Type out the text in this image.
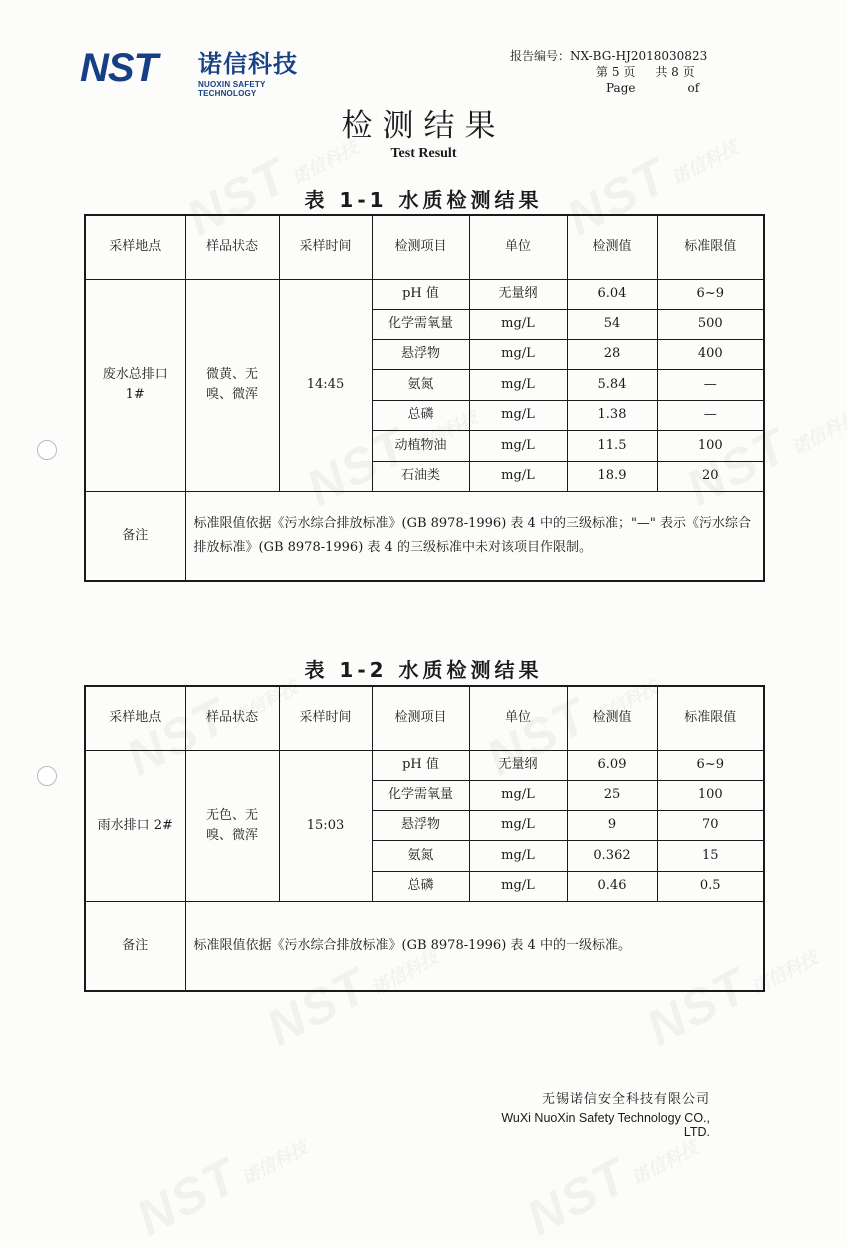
NST 诺信科技
NUOXIN SAFETY TECHNOLOGY
报告编号：NX-BG-HJ2018030823
第 5 页 共 8 页
Page	of
检测结果
Test Result
表 1-1 水质检测结果
采样地点	样品状态	采样时间	检测项目	单位	检测值	标准限值
废水总排口1#	微黄、无嗅、微浑	14:45	pH 值	无量纲	6.04	6~9
			化学需氧量	mg/L	54	500
			悬浮物	mg/L	28	400
			氨氮	mg/L	5.84	—
			总磷	mg/L	1.38	—
			动植物油	mg/L	11.5	100
			石油类	mg/L	18.9	20
备注	标准限值依据《污水综合排放标准》(GB 8978-1996) 表 4 中的三级标准；"—" 表示《污水综合排放标准》(GB 8978-1996) 表 4 的三级标准中未对该项目作限制。					
表 1-2 水质检测结果
采样地点	样品状态	采样时间	检测项目	单位	检测值	标准限值
雨水排口 2#	无色、无嗅、微浑	15:03	pH 值	无量纲	6.09	6~9
			化学需氧量	mg/L	25	100
			悬浮物	mg/L	9	70
			氨氮	mg/L	0.362	15
			总磷	mg/L	0.46	0.5
备注	标准限值依据《污水综合排放标准》(GB 8978-1996) 表 4 中的一级标准。					
无锡诺信安全科技有限公司
WuXi NuoXin Safety Technology CO., LTD.
